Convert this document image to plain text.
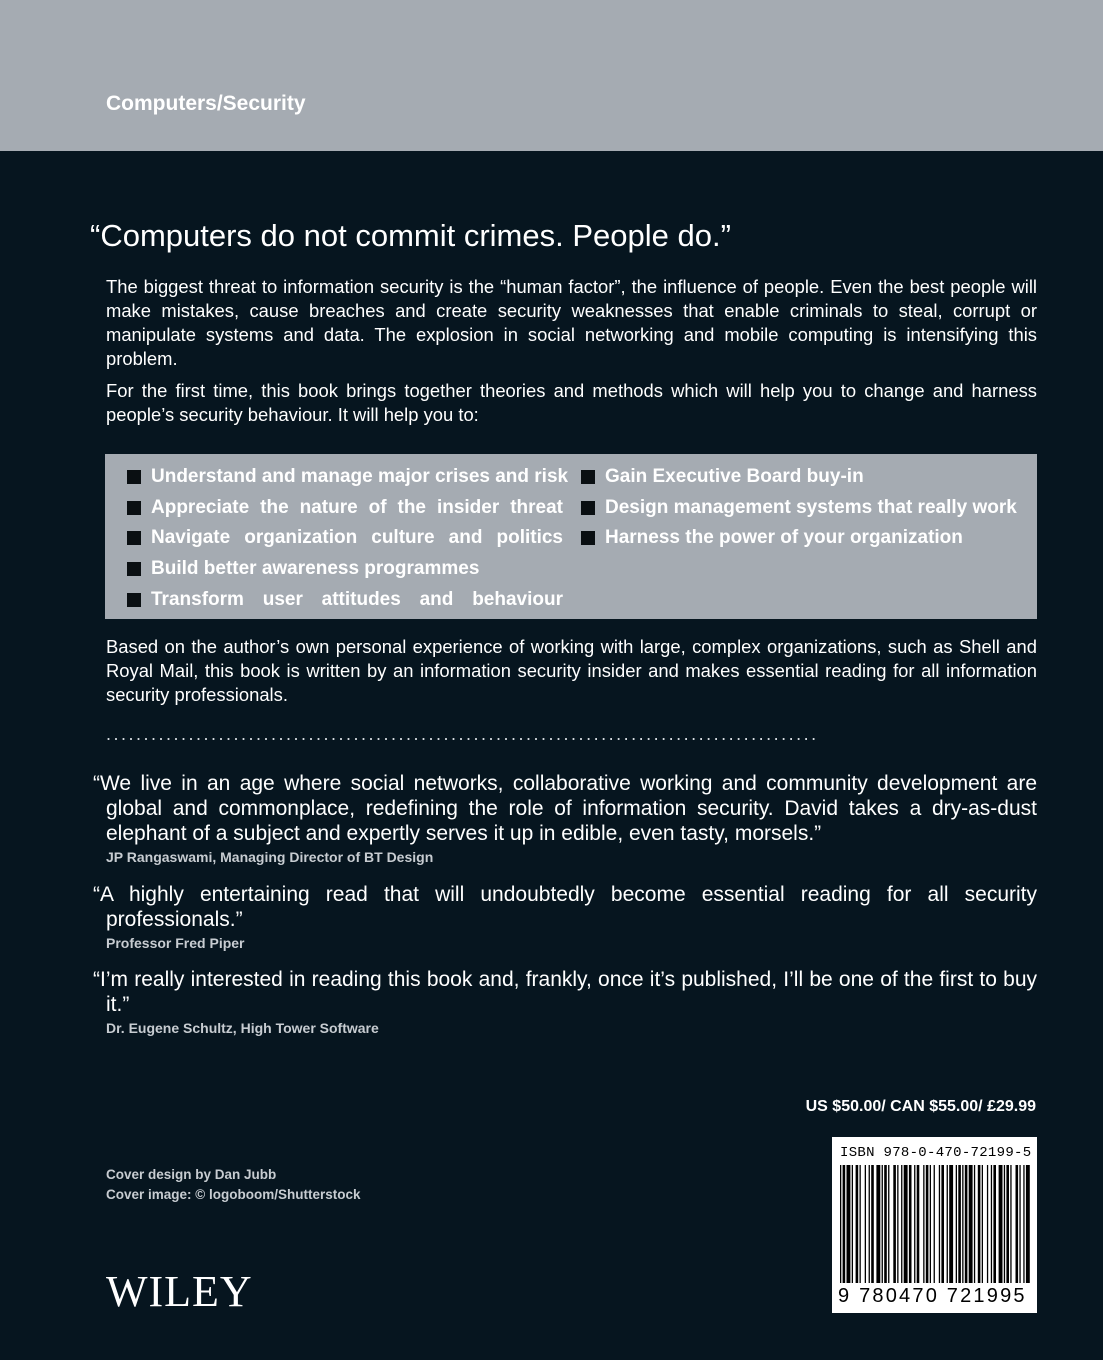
Computers/Security
“Computers do not commit crimes. People do.”

The biggest threat to information security is the “human factor”, the influence of people. Even the best people will make mistakes, cause breaches and create security weaknesses that enable criminals to steal, corrupt or manipulate systems and data. The explosion in social networking and mobile computing is intensifying this problem.

For the first time, this book brings together theories and methods which will help you to change and harness people’s security behaviour. It will help you to:

Understand and manage major crises and risk
Appreciate the nature of the insider threat
Navigate organization culture and politics
Build better awareness programmes
Transform user attitudes and behaviour
Gain Executive Board buy-in
Design management systems that really work
Harness the power of your organization

Based on the author’s own personal experience of working with large, complex organizations, such as Shell and Royal Mail, this book is written by an information security insider and makes essential reading for all information security professionals.

...............................................................................................

“We live in an age where social networks, collaborative working and community development are global and commonplace, redefining the role of information security. David takes a dry-as-dust elephant of a subject and expertly serves it up in edible, even tasty, morsels.”

JP Rangaswami, Managing Director of BT Design

“A highly entertaining read that will undoubtedly become essential reading for all security professionals.”

Professor Fred Piper

“I’m really interested in reading this book and, frankly, once it’s published, I’ll be one of the first to buy it.”

Dr. Eugene Schultz, High Tower Software
US $50.00/ CAN $55.00/ £29.99
Cover design by Dan Jubb
Cover image: © logoboom/Shutterstock
WILEY
ISBN 978-0-470-72199-5
9 780470 721995
